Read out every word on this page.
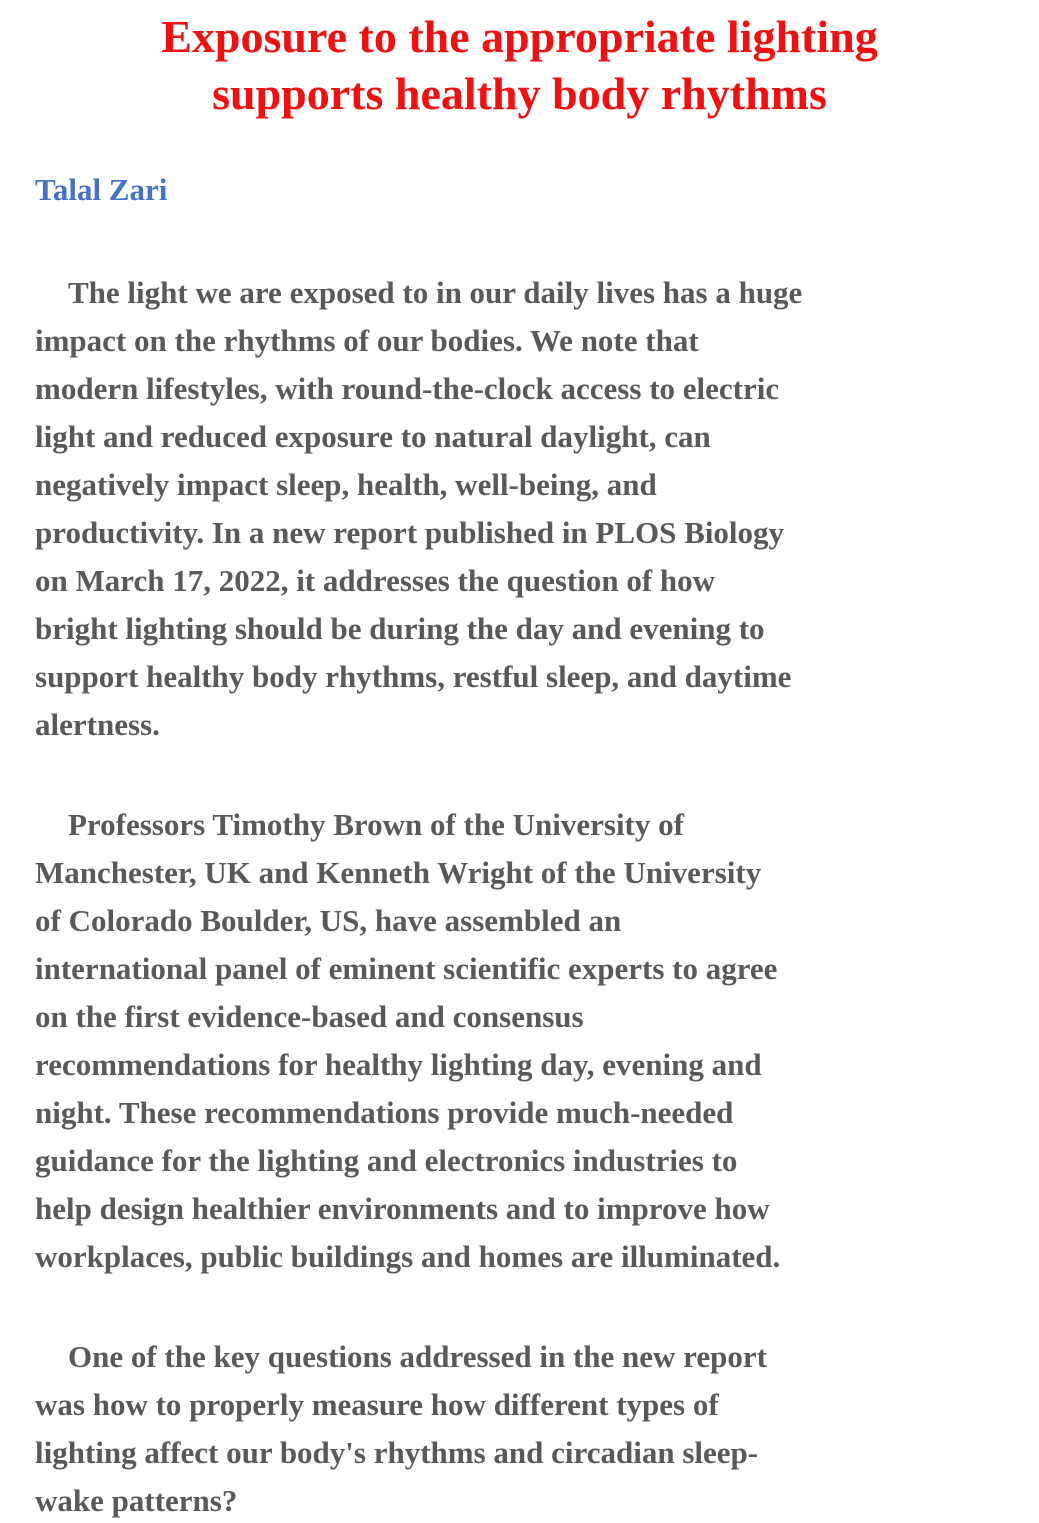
Exposure to the appropriate lighting
supports healthy body rhythms
Talal Zari
The light we are exposed to in our daily lives has a huge
impact on the rhythms of our bodies. We note that
modern lifestyles, with round-the-clock access to electric
light and reduced exposure to natural daylight, can
negatively impact sleep, health, well-being, and
productivity. In a new report published in PLOS Biology
on March 17, 2022, it addresses the question of how
bright lighting should be during the day and evening to
support healthy body rhythms, restful sleep, and daytime
alertness.
Professors Timothy Brown of the University of
Manchester, UK and Kenneth Wright of the University
of Colorado Boulder, US, have assembled an
international panel of eminent scientific experts to agree
on the first evidence-based and consensus
recommendations for healthy lighting day, evening and
night. These recommendations provide much-needed
guidance for the lighting and electronics industries to
help design healthier environments and to improve how
workplaces, public buildings and homes are illuminated.
One of the key questions addressed in the new report
was how to properly measure how different types of
lighting affect our body's rhythms and circadian sleep-
wake patterns?
